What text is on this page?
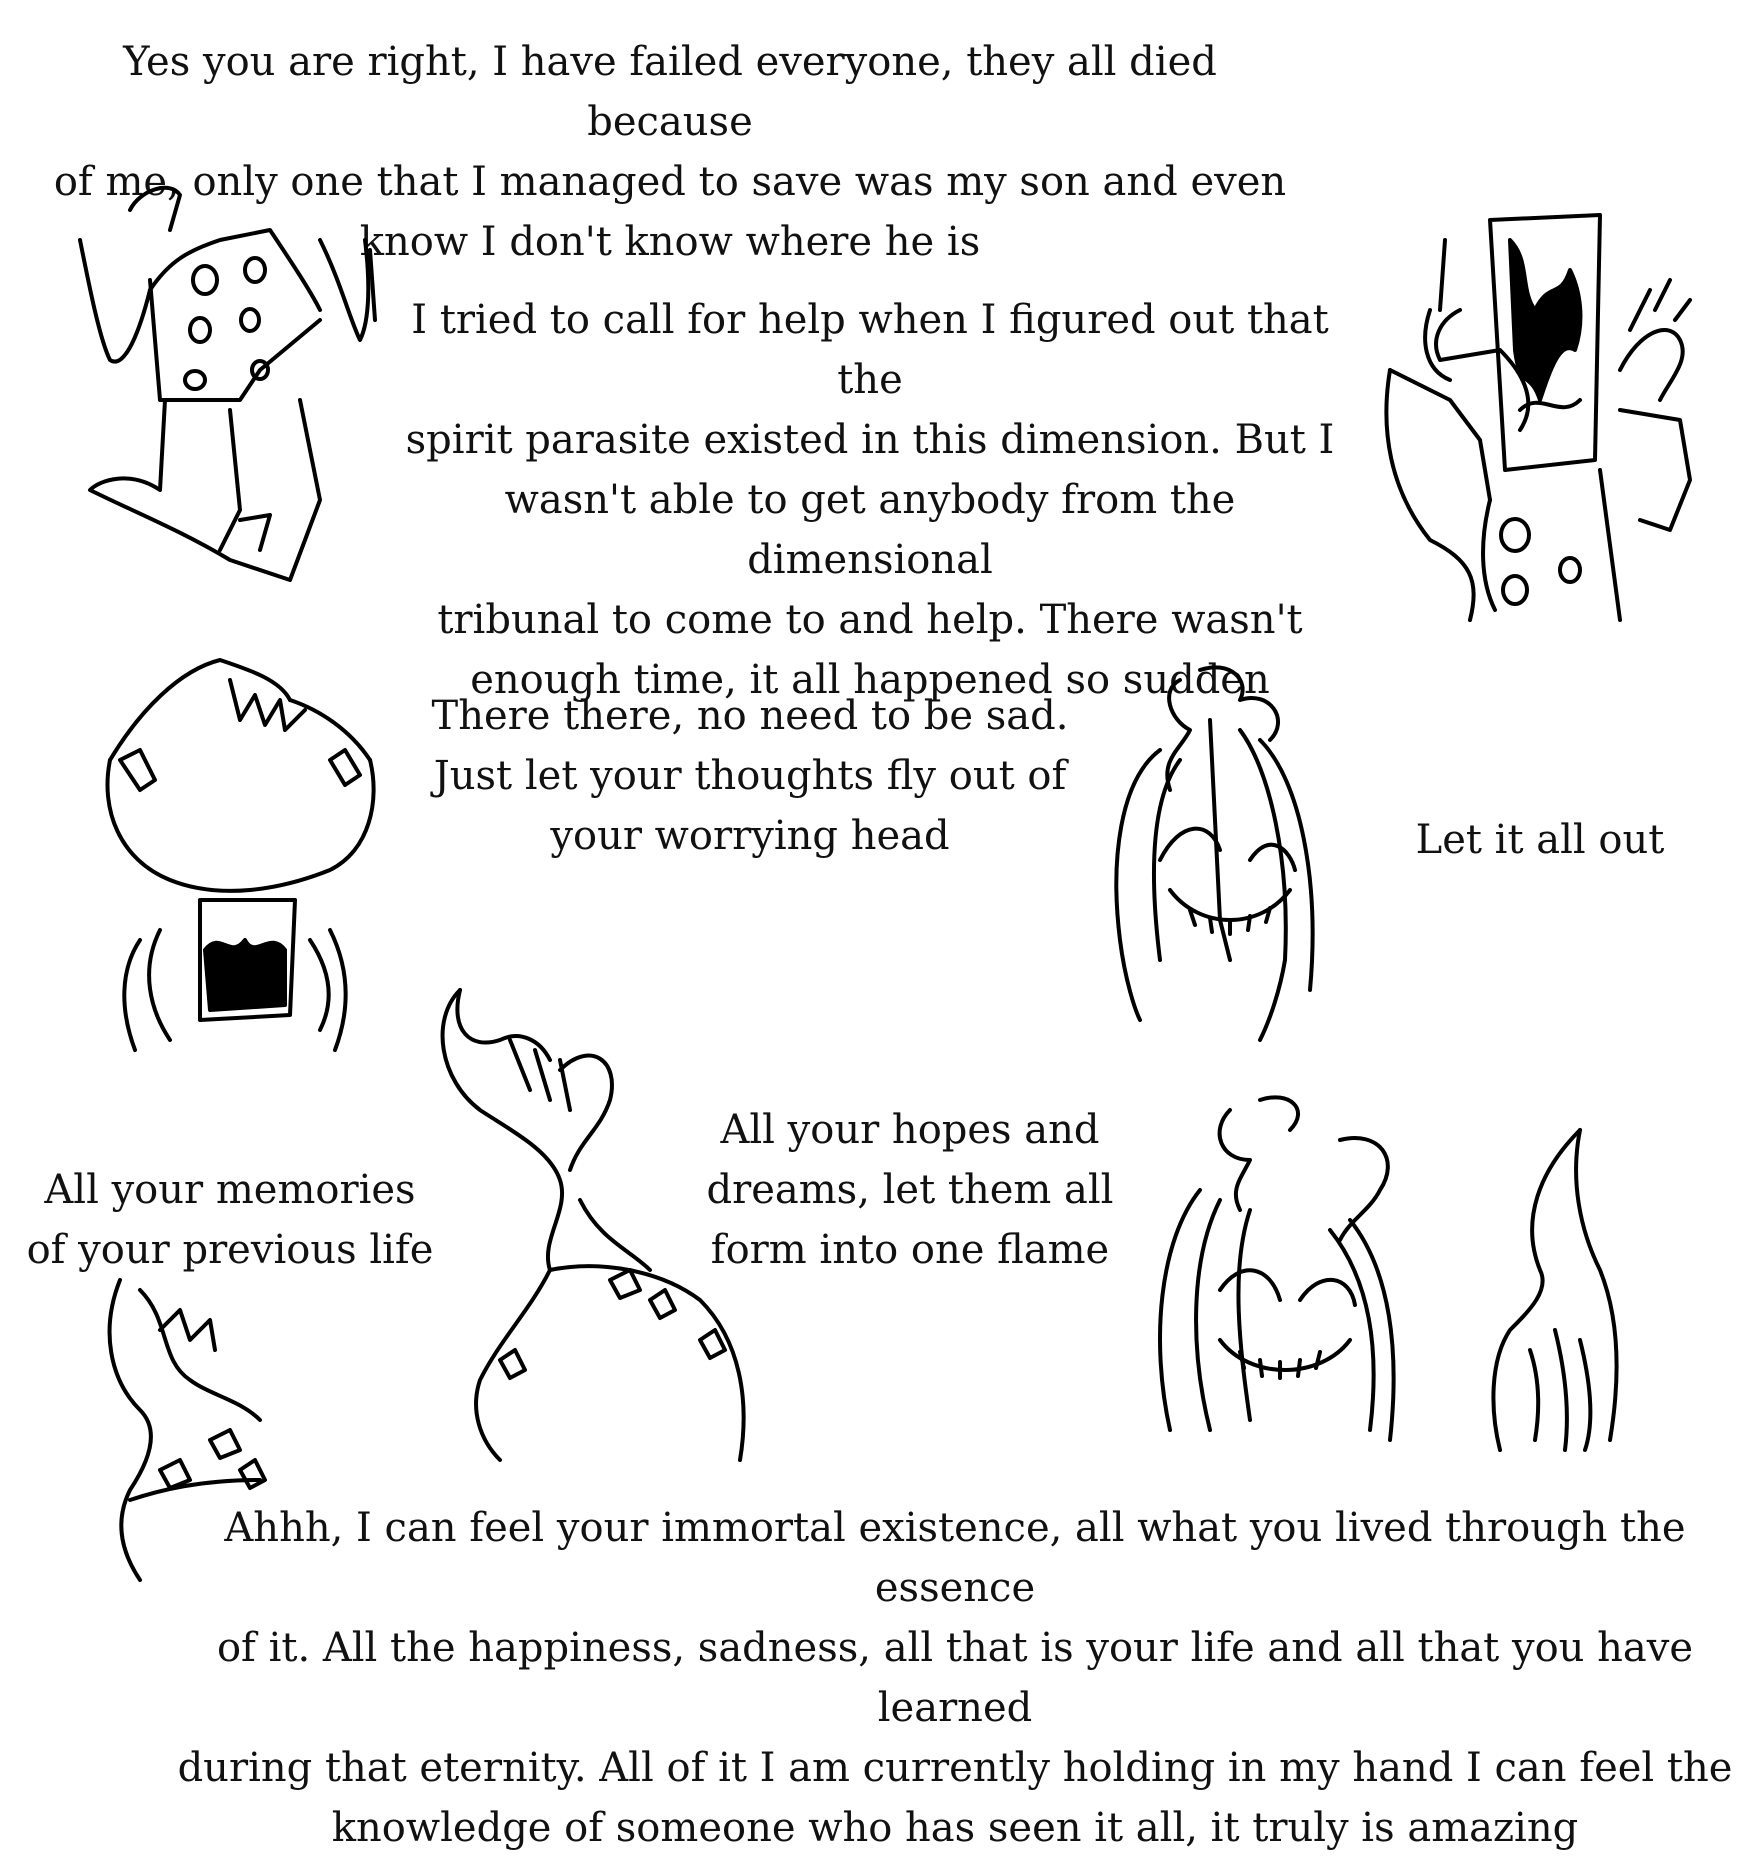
Yes you are right, I have failed everyone, they all died because
of me, only one that I managed to save was my son and even
know I don't know where he is
I tried to call for help when I figured out that the
spirit parasite existed in this dimension. But I
wasn't able to get anybody from the dimensional
tribunal to come to and help. There wasn't
enough time, it all happened so sudden
There there, no need to be sad.
Just let your thoughts fly out of
your worrying head	Let it all out
All your memories
of your previous life
All your hopes and
dreams, let them all
form into one flame
Ahhh, I can feel your immortal existence, all what you lived through the essence
of it. All the happiness, sadness, all that is your life and all that you have learned
during that eternity. All of it I am currently holding in my hand I can feel the
knowledge of someone who has seen it all, it truly is amazing
